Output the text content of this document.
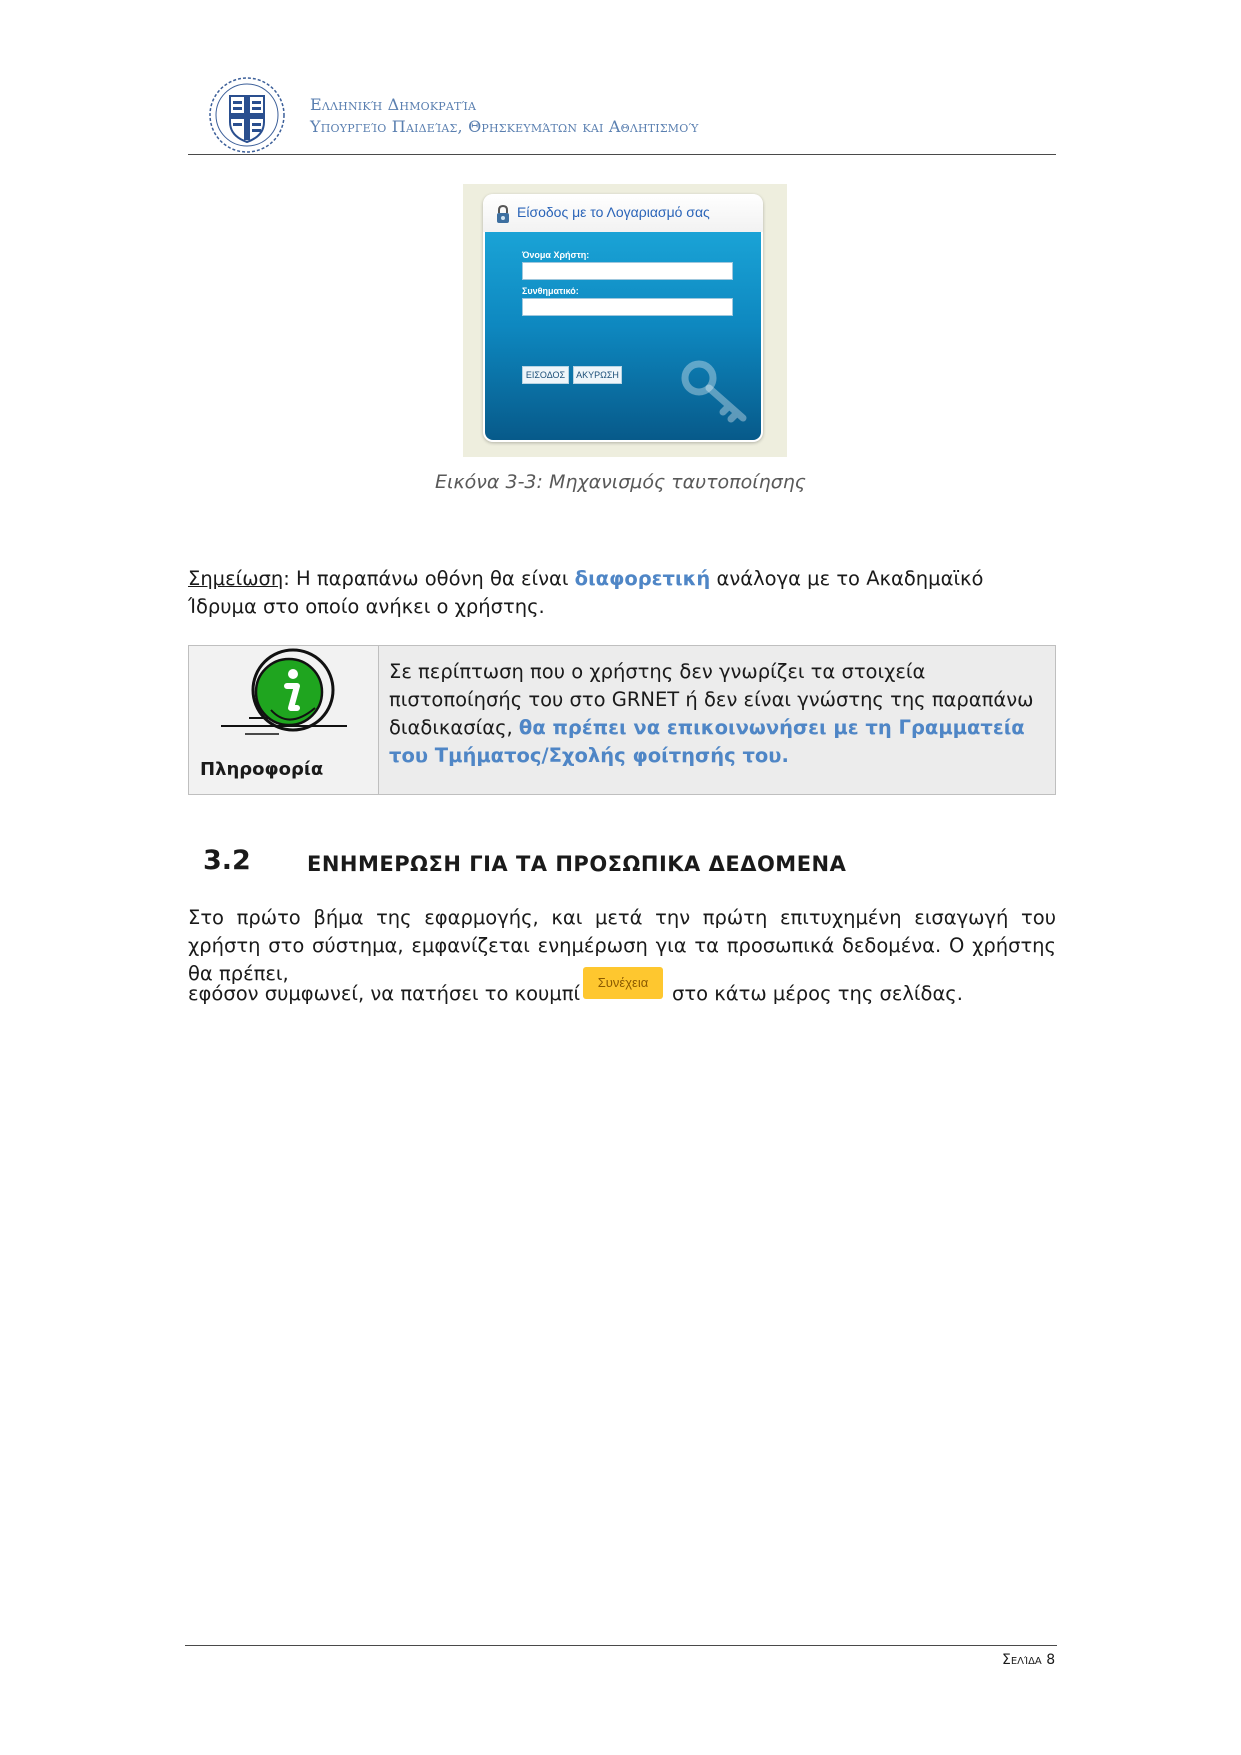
Ελληνική Δημοκρατία
Υπουργείο Παιδείας, Θρησκευμάτων και Αθλητισμού
Είσοδος με το Λογαριασμό σας
Όνομα Χρήστη:
Συνθηματικό:
ΕΙΣΟΔΟΣ	ΑΚΥΡΩΣΗ
Εικόνα 3-3: Μηχανισμός ταυτοποίησης
Σημείωση: Η παραπάνω οθόνη θα είναι διαφορετική ανάλογα με το Ακαδημαϊκό Ίδρυμα στο οποίο ανήκει ο χρήστης.
Πληροφορία
Σε περίπτωση που ο χρήστης δεν γνωρίζει τα στοιχεία πιστοποίησής του στο GRNET ή δεν είναι γνώστης της παραπάνω διαδικασίας, θα πρέπει να επικοινωνήσει με τη Γραμματεία του Τμήματος/Σχολής φοίτησής του.
3.2	ΕΝΗΜΕΡΩΣΗ ΓΙΑ ΤΑ ΠΡΟΣΩΠΙΚΑ ΔΕΔΟΜΕΝΑ
Στο πρώτο βήμα της εφαρμογής, και μετά την πρώτη επιτυχημένη εισαγωγή του χρήστη στο σύστημα, εμφανίζεται ενημέρωση για τα προσωπικά δεδομένα. Ο χρήστης θα πρέπει,
εφόσον συμφωνεί, να πατήσει το κουμπί	Συνέχεια	στο κάτω μέρος της σελίδας.
Σελίδα 8
